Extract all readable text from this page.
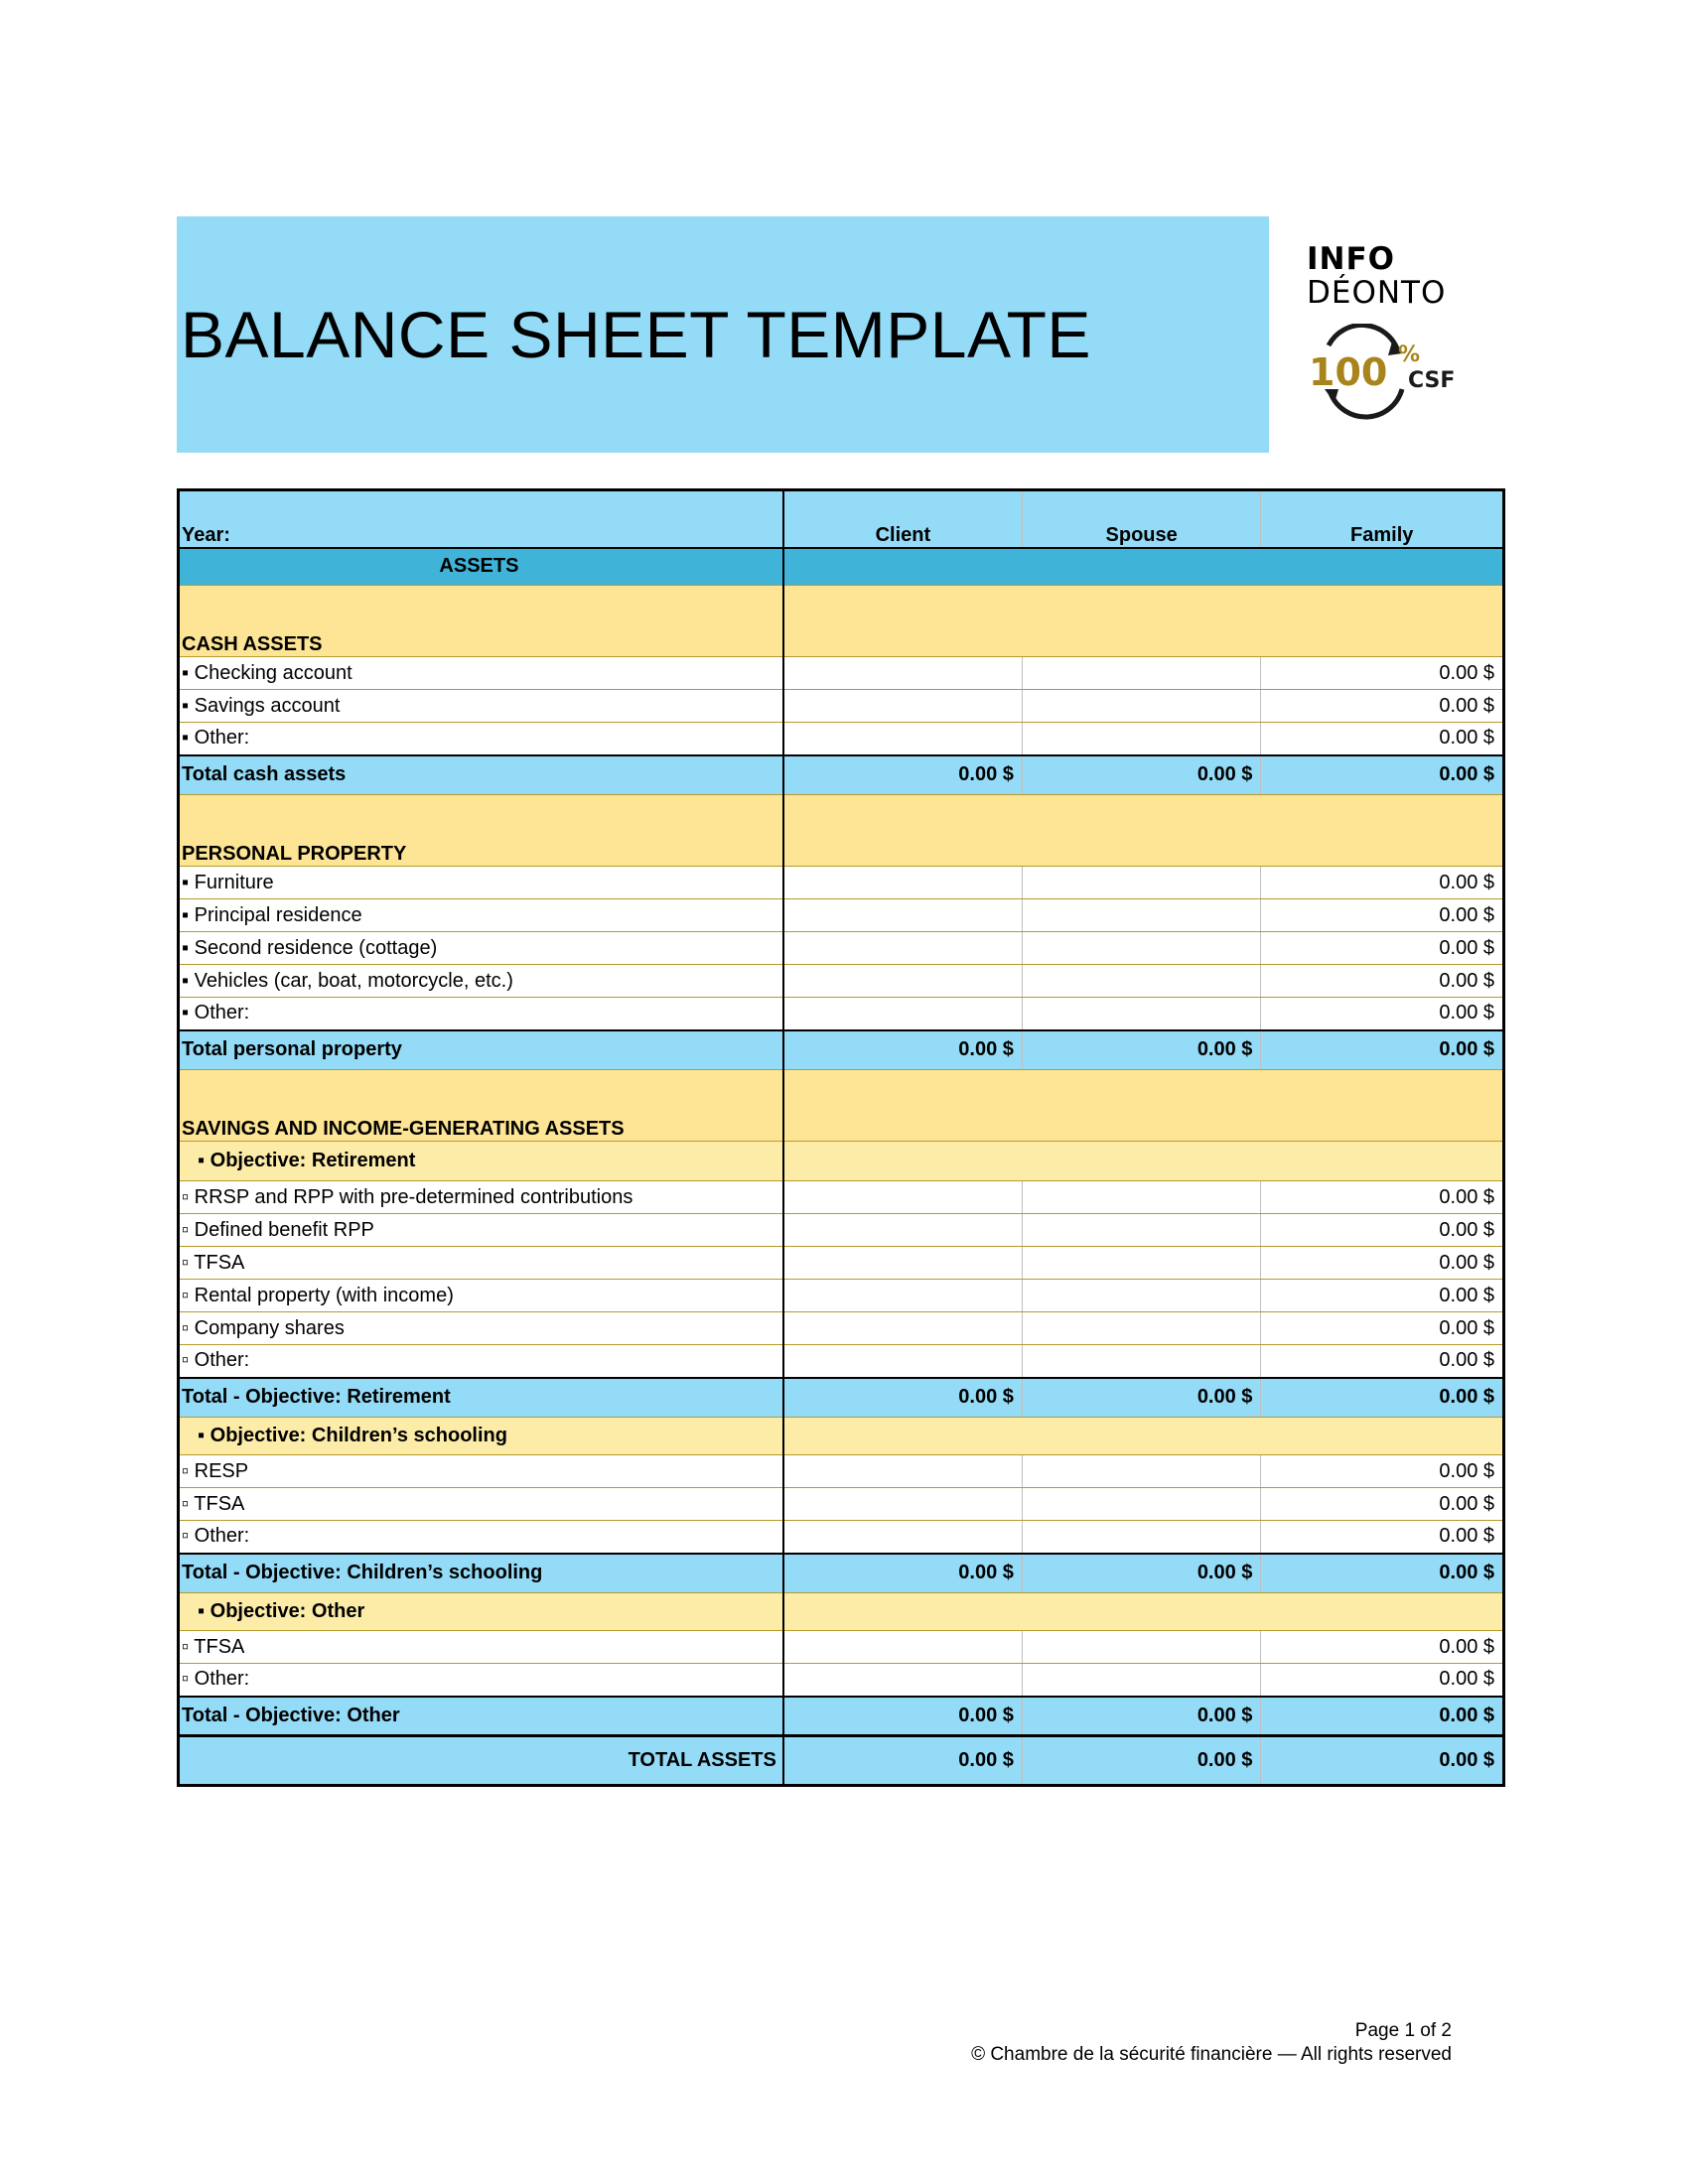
BALANCE SHEET TEMPLATE
INFO
DÉONTO
100 %
CSF
Year:	Client	Spouse	Family
ASSETS			
CASH ASSETS			
▪ Checking account			0.00 $
▪ Savings account			0.00 $
▪ Other:			0.00 $
Total cash assets	0.00 $	0.00 $	0.00 $
PERSONAL PROPERTY			
▪ Furniture			0.00 $
▪ Principal residence			0.00 $
▪ Second residence (cottage)			0.00 $
▪ Vehicles (car, boat, motorcycle, etc.)			0.00 $
▪ Other:			0.00 $
Total personal property	0.00 $	0.00 $	0.00 $
SAVINGS AND INCOME-GENERATING ASSETS			
▪ Objective: Retirement			
▫ RRSP and RPP with pre-determined contributions			0.00 $
▫ Defined benefit RPP			0.00 $
▫ TFSA			0.00 $
▫ Rental property (with income)			0.00 $
▫ Company shares			0.00 $
▫ Other:			0.00 $
Total - Objective: Retirement	0.00 $	0.00 $	0.00 $
▪ Objective: Children’s schooling			
▫ RESP			0.00 $
▫ TFSA			0.00 $
▫ Other:			0.00 $
Total - Objective: Children’s schooling	0.00 $	0.00 $	0.00 $
▪ Objective: Other			
▫ TFSA			0.00 $
▫ Other:			0.00 $
Total - Objective: Other	0.00 $	0.00 $	0.00 $
TOTAL ASSETS	0.00 $	0.00 $	0.00 $
Page 1 of 2
© Chambre de la sécurité financière — All rights reserved
